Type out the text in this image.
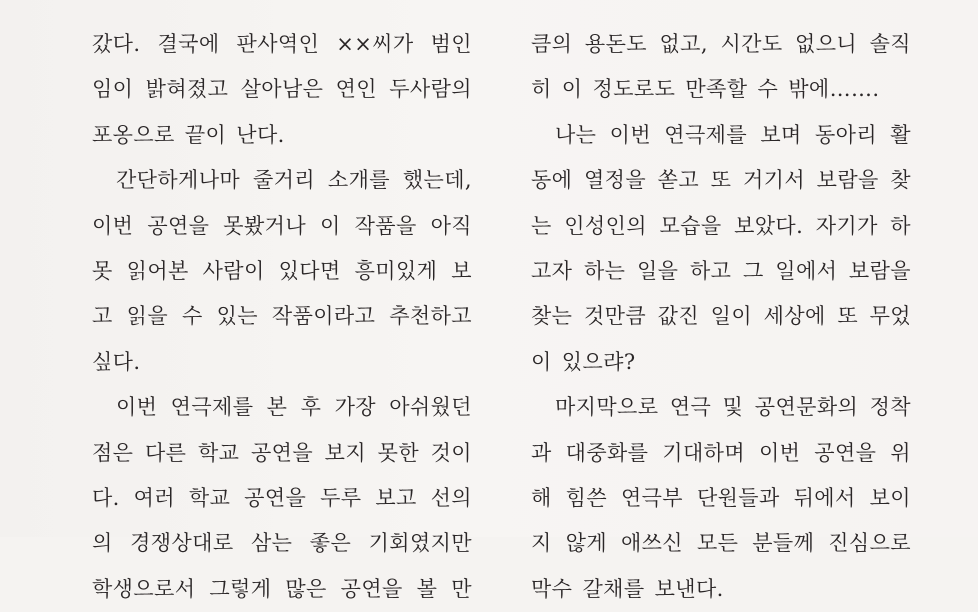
갔다. 결국에 판사역인 ××씨가 범인
임이 밝혀졌고 살아남은 연인 두사람의
포옹으로 끝이 난다.
간단하게나마 줄거리 소개를 했는데,
이번 공연을 못봤거나 이 작품을 아직
못 읽어본 사람이 있다면 흥미있게 보
고 읽을 수 있는 작품이라고 추천하고
싶다.
이번 연극제를 본 후 가장 아쉬웠던
점은 다른 학교 공연을 보지 못한 것이
다. 여러 학교 공연을 두루 보고 선의
의 경쟁상대로 삼는 좋은 기회였지만
학생으로서 그렇게 많은 공연을 볼 만
큼의 용돈도 없고, 시간도 없으니 솔직
히 이 정도로도 만족할 수 밖에…….
나는 이번 연극제를 보며 동아리 활
동에 열정을 쏟고 또 거기서 보람을 찾
는 인성인의 모습을 보았다. 자기가 하
고자 하는 일을 하고 그 일에서 보람을
찾는 것만큼 값진 일이 세상에 또 무었
이 있으랴?
마지막으로 연극 및 공연문화의 정착
과 대중화를 기대하며 이번 공연을 위
해 힘쓴 연극부 단원들과 뒤에서 보이
지 않게 애쓰신 모든 분들께 진심으로
막수 갈채를 보낸다.
